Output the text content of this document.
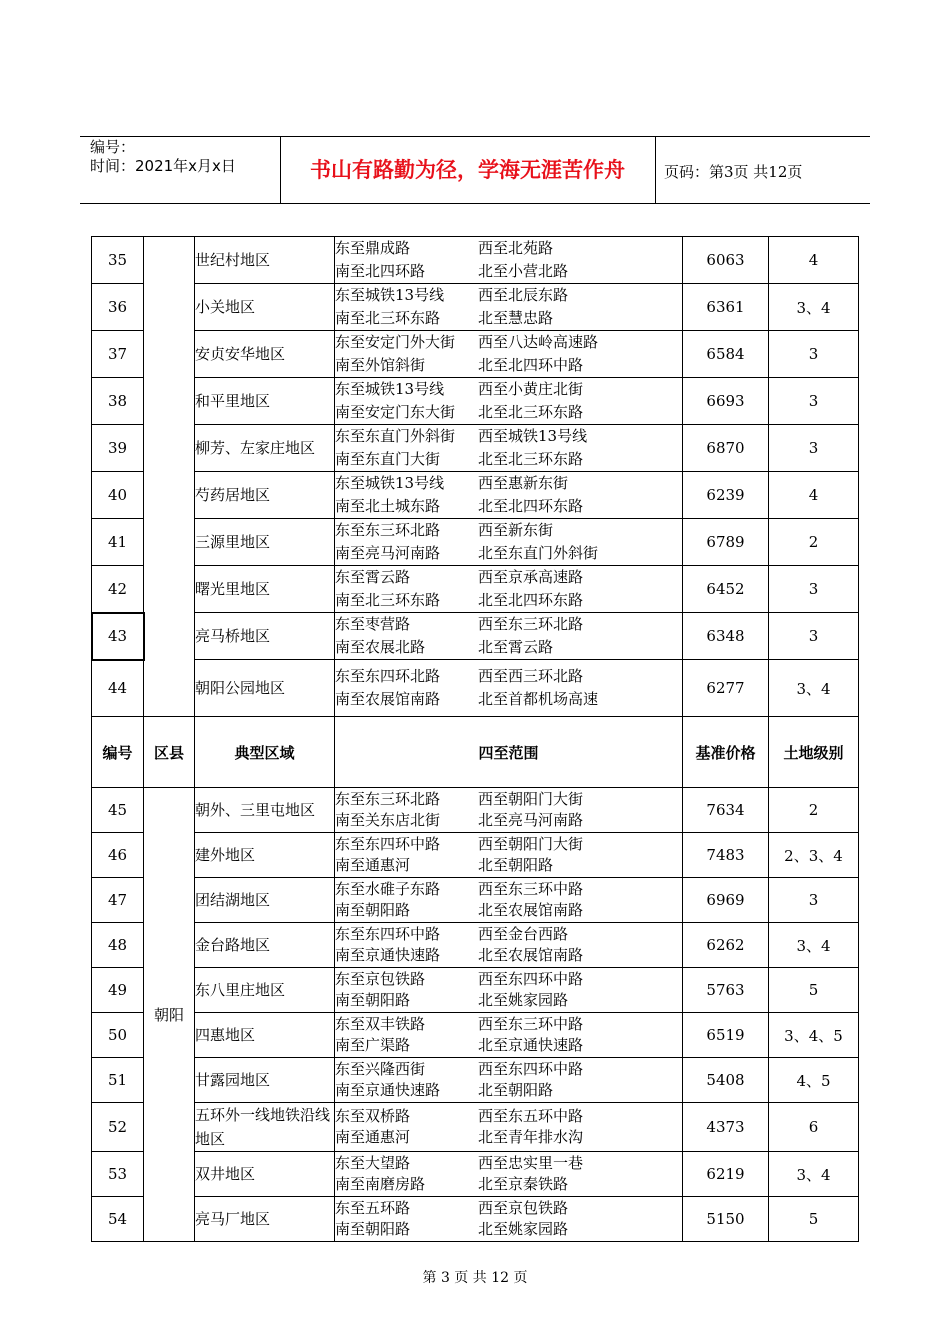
编号：
时间：2021年x月x日	书山有路勤为径，学海无涯苦作舟	页码：第3页 共12页
35		世纪村地区	东至鼎成路 西至北苑路
南至北四环路 北至小营北路	6063	4
36		小关地区	东至城铁13号线 西至北辰东路
南至北三环东路 北至慧忠路	6361	3、4
37		安贞安华地区	东至安定门外大街 西至八达岭高速路
南至外馆斜街 北至北四环中路	6584	3
38		和平里地区	东至城铁13号线 西至小黄庄北街
南至安定门东大街 北至北三环东路	6693	3
39		柳芳、左家庄地区	东至东直门外斜街 西至城铁13号线
南至东直门大街 北至北三环东路	6870	3
40		芍药居地区	东至城铁13号线 西至惠新东街
南至北土城东路 北至北四环东路	6239	4
41		三源里地区	东至东三环北路 西至新东街
南至亮马河南路 北至东直门外斜街	6789	2
42		曙光里地区	东至霄云路 西至京承高速路
南至北三环东路 北至北四环东路	6452	3
43		亮马桥地区	东至枣营路 西至东三环北路
南至农展北路 北至霄云路	6348	3
44		朝阳公园地区	东至东四环北路 西至西三环北路
南至农展馆南路 北至首都机场高速	6277	3、4
编号	区县	典型区域	四至范围	基准价格	土地级别
45	朝阳	朝外、三里屯地区	东至东三环北路 西至朝阳门大街
南至关东店北街 北至亮马河南路	7634	2
46		建外地区	东至东四环中路 西至朝阳门大街
南至通惠河 北至朝阳路	7483	2、3、4
47		团结湖地区	东至水碓子东路 西至东三环中路
南至朝阳路 北至农展馆南路	6969	3
48		金台路地区	东至东四环中路 西至金台西路
南至京通快速路 北至农展馆南路	6262	3、4
49		东八里庄地区	东至京包铁路 西至东四环中路
南至朝阳路 北至姚家园路	5763	5
50		四惠地区	东至双丰铁路 西至东三环中路
南至广渠路 北至京通快速路	6519	3、4、5
51		甘露园地区	东至兴隆西街 西至东四环中路
南至京通快速路 北至朝阳路	5408	4、5
52		五环外一线地铁沿线地区	东至双桥路 西至东五环中路
南至通惠河 北至青年排水沟	4373	6
53		双井地区	东至大望路 西至忠实里一巷
南至南磨房路 北至京秦铁路	6219	3、4
54		亮马厂地区	东至五环路 西至京包铁路
南至朝阳路 北至姚家园路	5150	5
第 3 页 共 12 页
